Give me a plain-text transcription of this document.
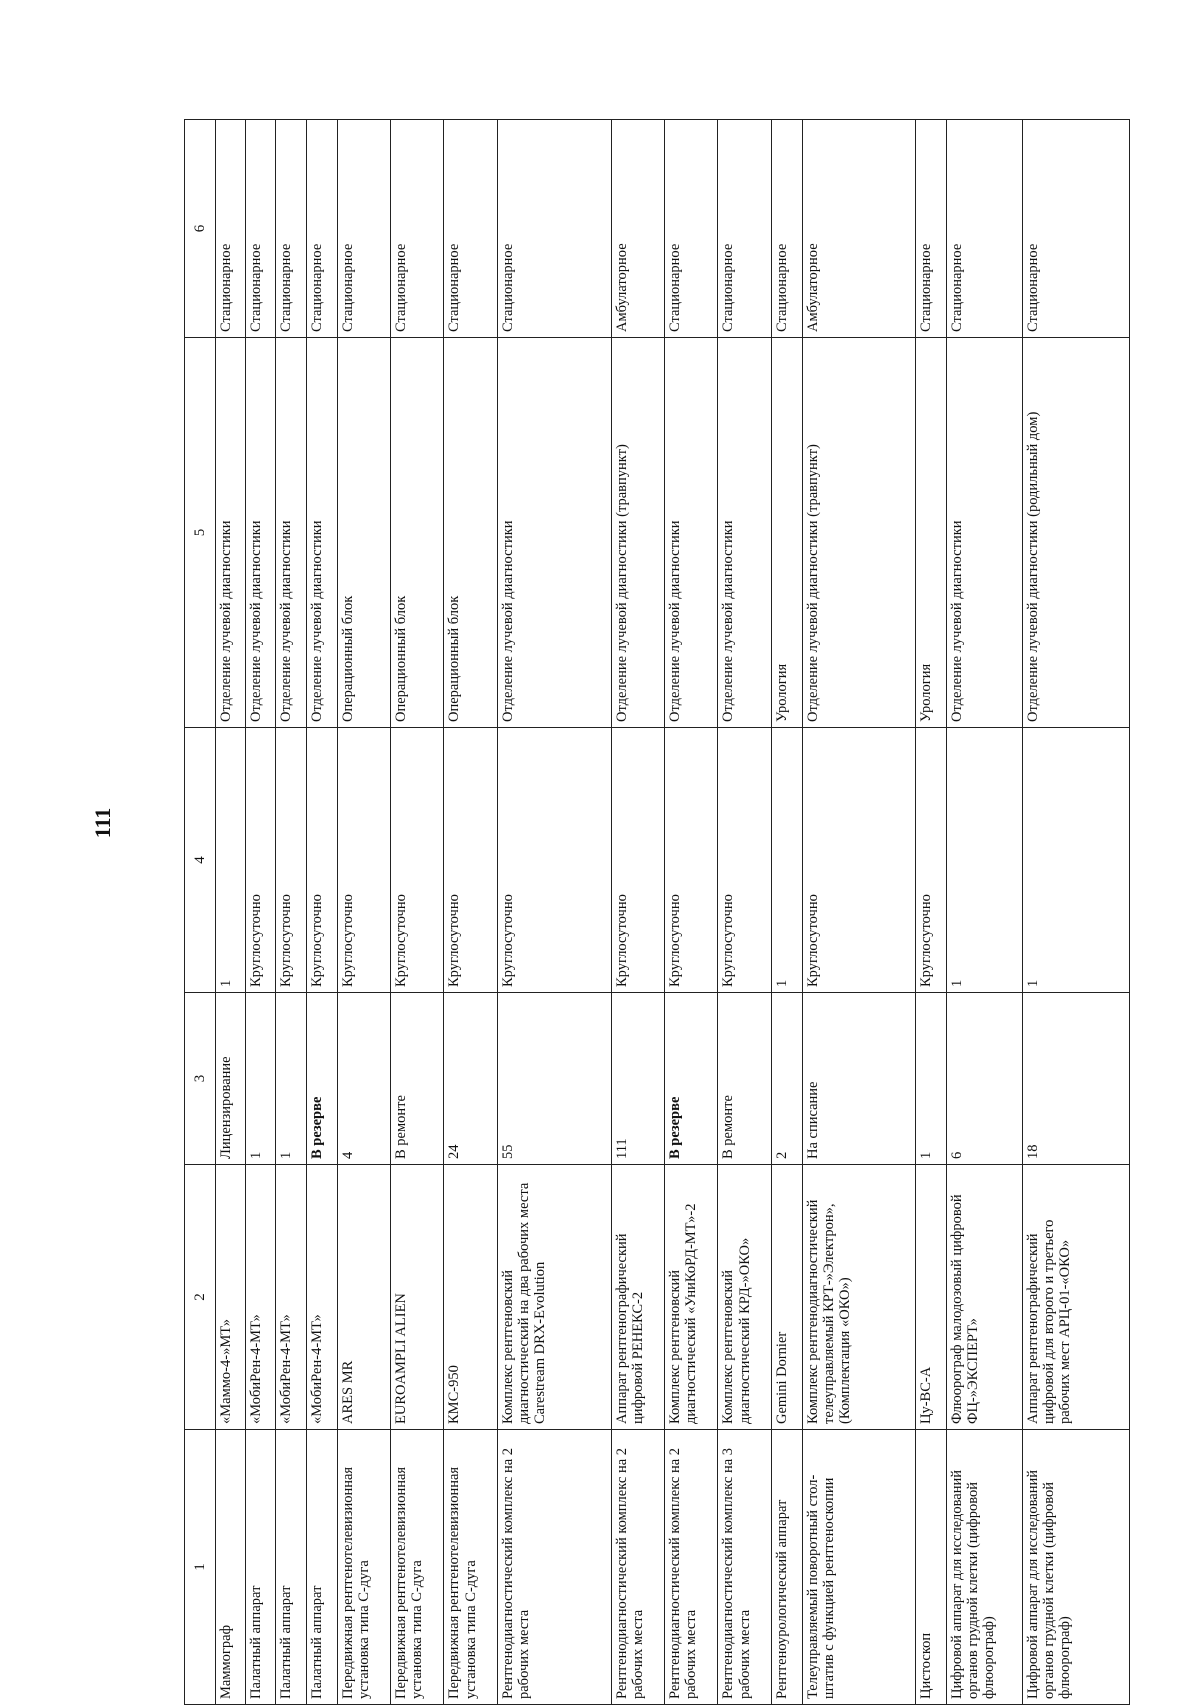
111
1	2	3	4	5	6
Маммограф	«Маммо-4-»МТ»	Лицензирование	1	Отделение лучевой диагностики	Стационарное
Палатный аппарат	«МобиРен-4-МТ»	1	Круглосуточно	Отделение лучевой диагностики	Стационарное
Палатный аппарат	«МобиРен-4-МТ»	1	Круглосуточно	Отделение лучевой диагностики	Стационарное
Палатный аппарат	«МобиРен-4-МТ»	В резерве	Круглосуточно	Отделение лучевой диагностики	Стационарное
Передвижная рентгенотелевизионная установка типа С-дуга	ARES MR	4	Круглосуточно	Операционный блок	Стационарное
Передвижная рентгенотелевизионная установка типа С-дуга	EUROAMPLI ALIEN	В ремонте	Круглосуточно	Операционный блок	Стационарное
Передвижная рентгенотелевизионная установка типа С-дуга	КМС-950	24	Круглосуточно	Операционный блок	Стационарное
Рентгенодиагностический комплекс на 2 рабочих места	Комплекс рентгеновский диагностический на два рабочих места Carestream DRX-Evolution	55	Круглосуточно	Отделение лучевой диагностики	Стационарное
Рентгенодиагностический комплекс на 2 рабочих места	Аппарат рентгенографический цифровой РЕНЕКС-2	111	Круглосуточно	Отделение лучевой диагностики (травпункт)	Амбулаторное
Рентгенодиагностический комплекс на 2 рабочих места	Комплекс рентгеновский диагностический «УниКоРД-МТ»-2	В резерве	Круглосуточно	Отделение лучевой диагностики	Стационарное
Рентгенодиагностический комплекс на 3 рабочих места	Комплекс рентгеновский диагностический КРД-»ОКО»	В ремонте	Круглосуточно	Отделение лучевой диагностики	Стационарное
Рентгеноурологический аппарат	Gemini Dornier	2	1	Урология	Стационарное
Телеуправляемый поворотный стол-штатив с функцией рентгеноскопии	Комплекс рентгенодиагностический телеуправляемый КРТ-»Электрон», (Комплектация «ОКО»)	На списание	Круглосуточно	Отделение лучевой диагностики (травпункт)	Амбулаторное
Цистоскоп	Цу-ВС-А	1	Круглосуточно	Урология	Стационарное
Цифровой аппарат для исследований органов грудной клетки (цифровой флюорограф)	Флюорограф малодозовый цифровой ФЦ-»ЭКСПЕРТ»	6	1	Отделение лучевой диагностики	Стационарное
Цифровой аппарат для исследований органов грудной клетки (цифровой флюорограф)	Аппарат рентгенографический цифровой для второго и третьего рабочих мест АРЦ-01-«ОКО»	18	1	Отделение лучевой диагностики (родильный дом)	Стационарное
